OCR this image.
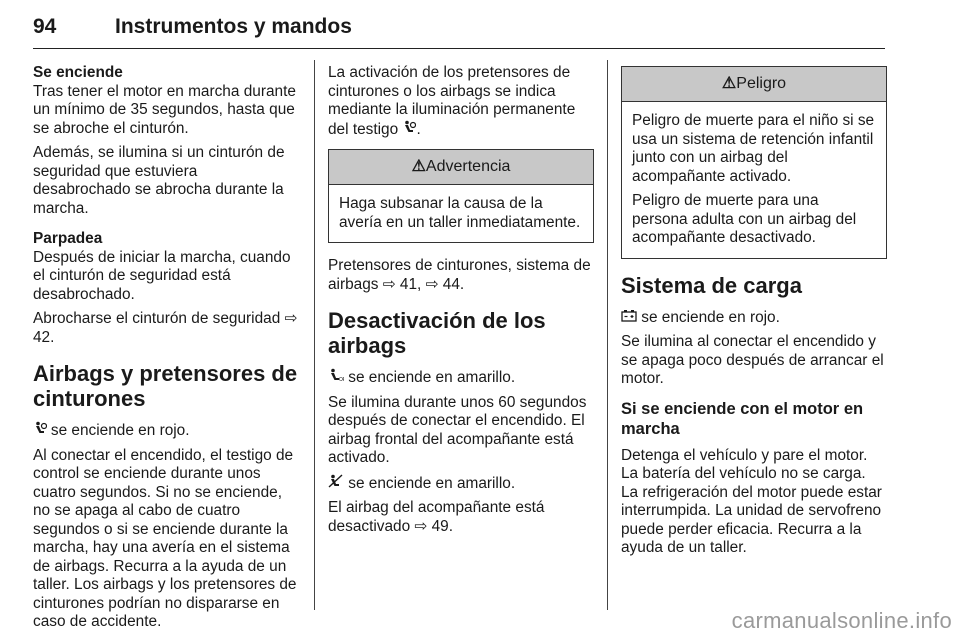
94	Instrumentos y mandos

Se enciende

Tras tener el motor en marcha durante un mínimo de 35 segundos, hasta que se abroche el cinturón.

Además, se ilumina si un cinturón de seguridad que estuviera desabrochado se abrocha durante la marcha.

Parpadea

Después de iniciar la marcha, cuando el cinturón de seguridad está desabrochado.

Abrocharse el cinturón de seguridad ⇨ 42.

Airbags y pretensores de cinturones

se enciende en rojo.

Al conectar el encendido, el testigo de control se enciende durante unos cuatro segundos. Si no se enciende, no se apaga al cabo de cuatro segundos o si se enciende durante la marcha, hay una avería en el sistema de airbags. Recurra a la ayuda de un taller. Los airbags y los pretensores de cinturones podrían no dispararse en caso de accidente.

La activación de los pretensores de cinturones o los airbags se indica mediante la iluminación permanente del testigo .

⚠Advertencia

Haga subsanar la causa de la avería en un taller inmediatamente.

Pretensores de cinturones, sistema de airbags ⇨ 41, ⇨ 44.

Desactivación de los airbags

O se enciende en amarillo.

Se ilumina durante unos 60 segundos después de conectar el encendido. El airbag frontal del acompañante está activado.

se enciende en amarillo.

El airbag del acompañante está desactivado ⇨ 49.

⚠Peligro

Peligro de muerte para el niño si se usa un sistema de retención infantil junto con un airbag del acompañante activado.

Peligro de muerte para una persona adulta con un airbag del acompañante desactivado.

Sistema de carga

se enciende en rojo.

Se ilumina al conectar el encendido y se apaga poco después de arrancar el motor.

Si se enciende con el motor en marcha

Detenga el vehículo y pare el motor. La batería del vehículo no se carga. La refrigeración del motor puede estar interrumpida. La unidad de servofreno puede perder eficacia. Recurra a la ayuda de un taller.

carmanualsonline.info
